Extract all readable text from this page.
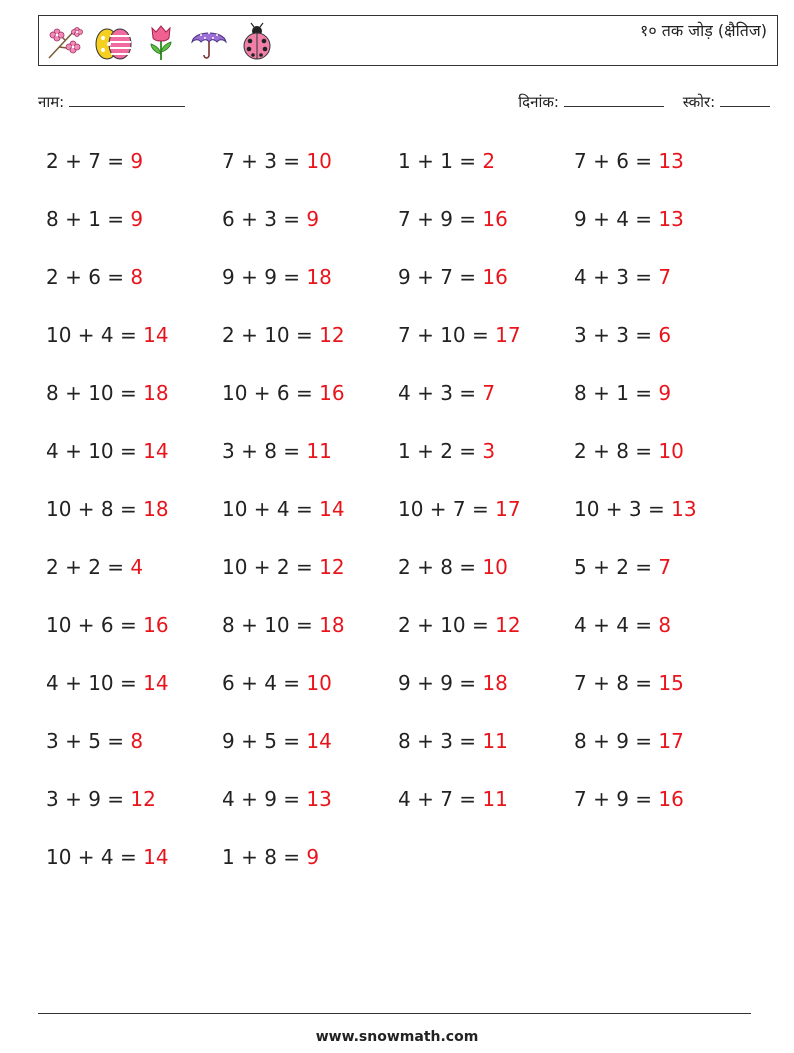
१० तक जोड़ (क्षैतिज)
नाम:	दिनांक:	स्कोर:
2 + 7 = 9	7 + 3 = 10	1 + 1 = 2	7 + 6 = 13
8 + 1 = 9	6 + 3 = 9	7 + 9 = 16	9 + 4 = 13
2 + 6 = 8	9 + 9 = 18	9 + 7 = 16	4 + 3 = 7
10 + 4 = 14	2 + 10 = 12	7 + 10 = 17	3 + 3 = 6
8 + 10 = 18	10 + 6 = 16	4 + 3 = 7	8 + 1 = 9
4 + 10 = 14	3 + 8 = 11	1 + 2 = 3	2 + 8 = 10
10 + 8 = 18	10 + 4 = 14	10 + 7 = 17	10 + 3 = 13
2 + 2 = 4	10 + 2 = 12	2 + 8 = 10	5 + 2 = 7
10 + 6 = 16	8 + 10 = 18	2 + 10 = 12	4 + 4 = 8
4 + 10 = 14	6 + 4 = 10	9 + 9 = 18	7 + 8 = 15
3 + 5 = 8	9 + 5 = 14	8 + 3 = 11	8 + 9 = 17
3 + 9 = 12	4 + 9 = 13	4 + 7 = 11	7 + 9 = 16
10 + 4 = 14	1 + 8 = 9
www.snowmath.com
